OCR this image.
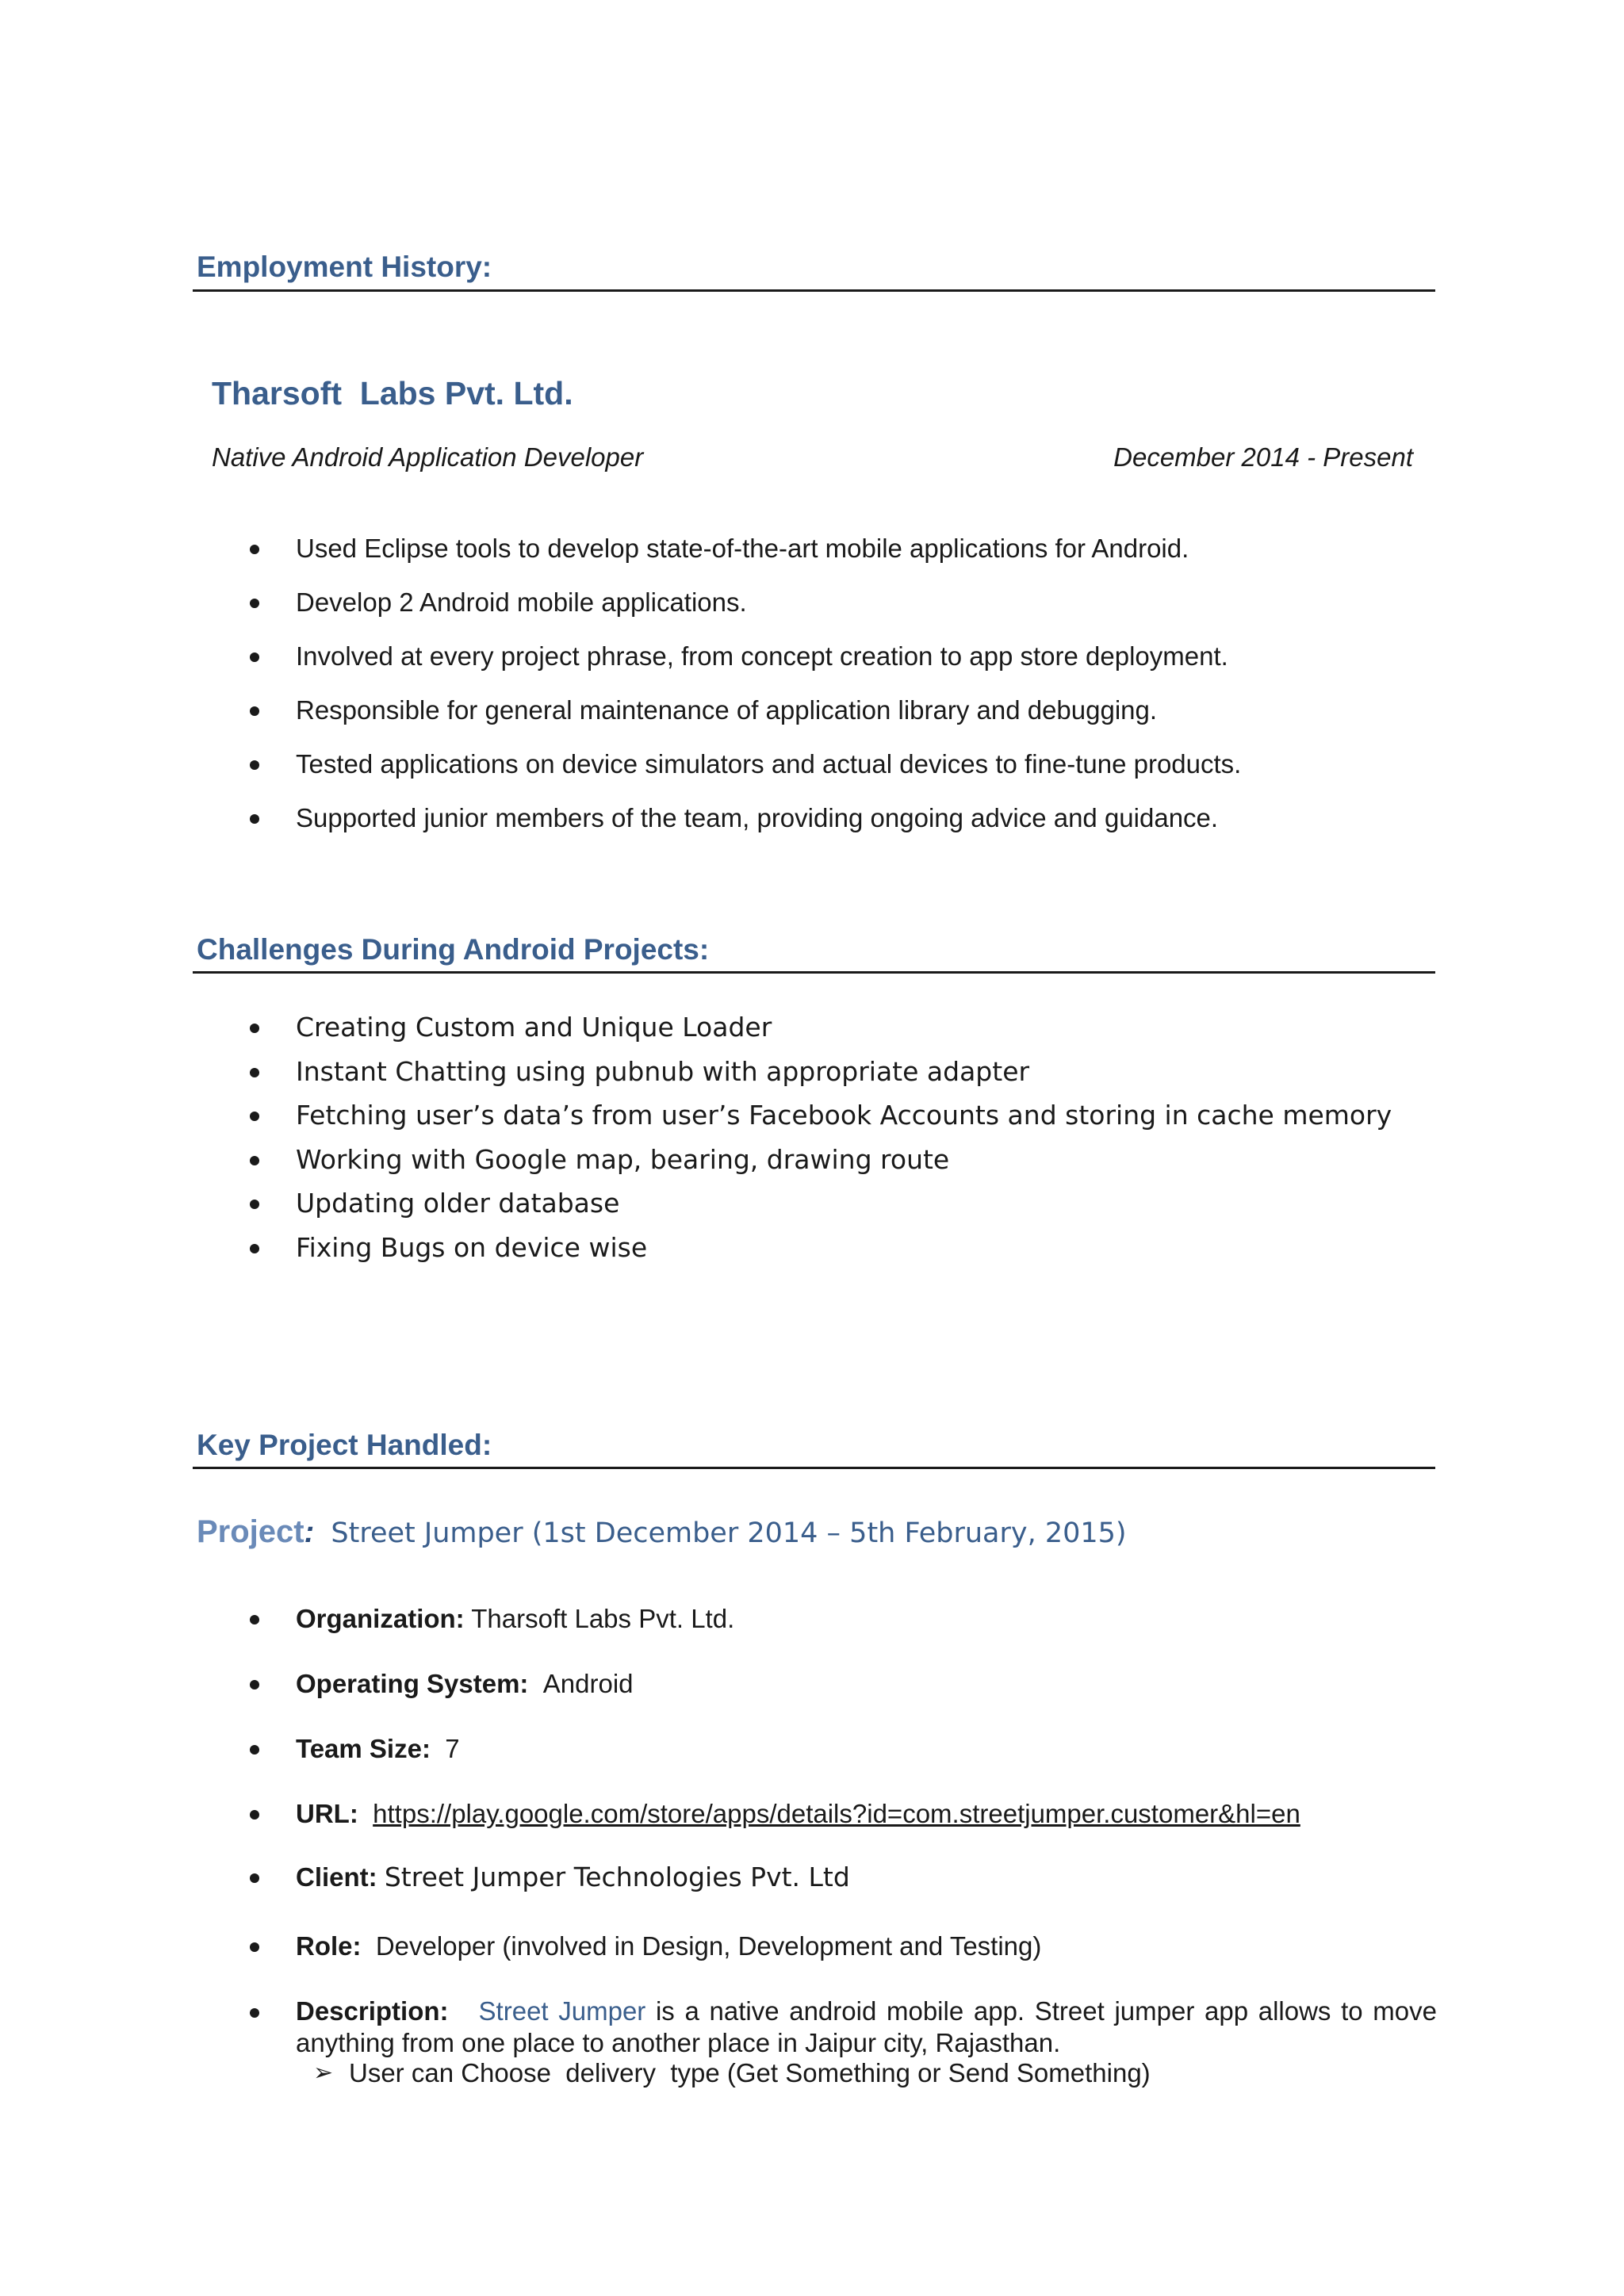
Employment History:
Tharsoft  Labs Pvt. Ltd.
Native Android Application Developer	December 2014 - Present
Used Eclipse tools to develop state-of-the-art mobile applications for Android.
Develop 2 Android mobile applications.
Involved at every project phrase, from concept creation to app store deployment.
Responsible for general maintenance of application library and debugging.
Tested applications on device simulators and actual devices to fine-tune products.
Supported junior members of the team, providing ongoing advice and guidance.
Challenges During Android Projects:
Creating Custom and Unique Loader
Instant Chatting using pubnub with appropriate adapter
Fetching user’s data’s from user’s Facebook Accounts and storing in cache memory
Working with Google map, bearing, drawing route
Updating older database
Fixing Bugs on device wise
Key Project Handled:
Project: Street Jumper (1st December 2014 – 5th February, 2015)
Organization: Tharsoft Labs Pvt. Ltd.
Operating System: Android
Team Size: 7
URL: https://play.google.com/store/apps/details?id=com.streetjumper.customer&hl=en
Client: Street Jumper Technologies Pvt. Ltd
Role: Developer (involved in Design, Development and Testing)
Description: Street Jumper is a native android mobile app. Street jumper app allows to move anything from one place to another place in Jaipur city, Rajasthan.
➢ User can Choose  delivery  type (Get Something or Send Something)
